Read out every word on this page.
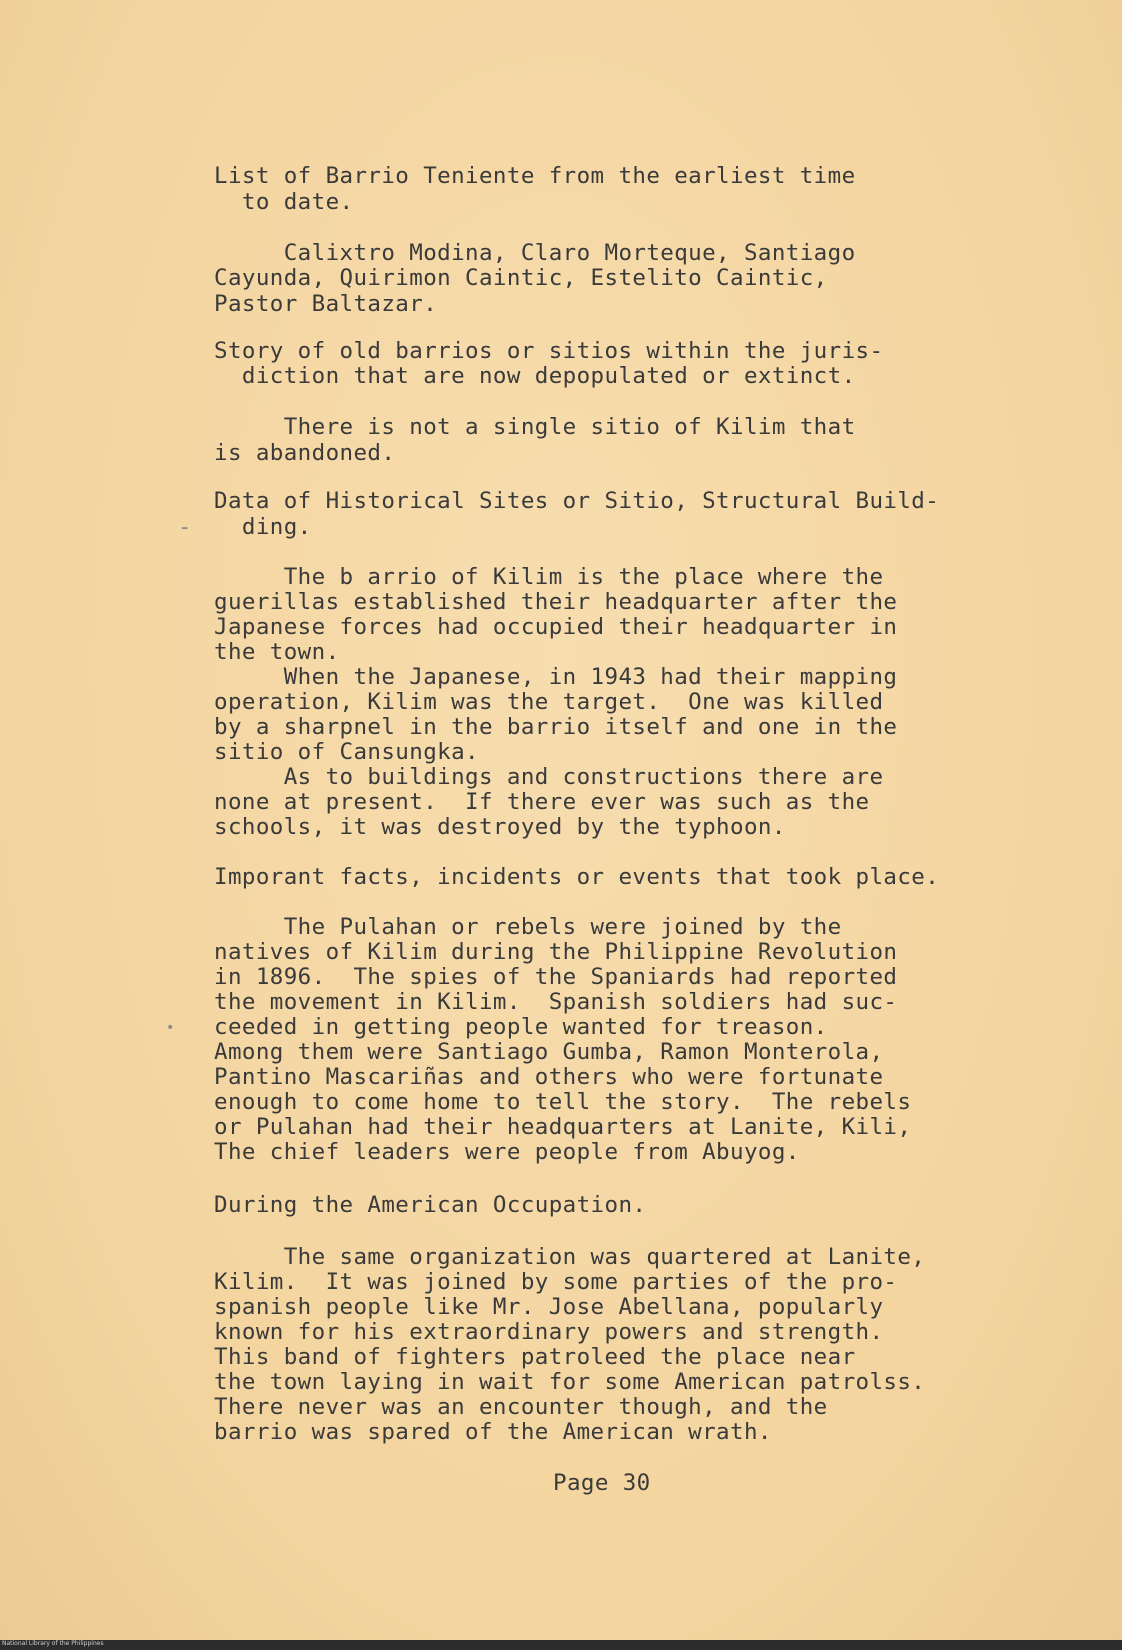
List of Barrio Teniente from the earliest time
to date.
Calixtro Modina, Claro Morteque, Santiago
Cayunda, Quirimon Caintic, Estelito Caintic,
Pastor Baltazar.
Story of old barrios or sitios within the juris-
diction that are now depopulated or extinct.
There is not a single sitio of Kilim that
is abandoned.
Data of Historical Sites or Sitio, Structural Build-
ding.
The b arrio of Kilim is the place where the
guerillas established their headquarter after the
Japanese forces had occupied their headquarter in
the town.
When the Japanese, in 1943 had their mapping
operation, Kilim was the target.  One was killed
by a sharpnel in the barrio itself and one in the
sitio of Cansungka.
As to buildings and constructions there are
none at present.  If there ever was such as the
schools, it was destroyed by the typhoon.
Imporant facts, incidents or events that took place.
The Pulahan or rebels were joined by the
natives of Kilim during the Philippine Revolution
in 1896.  The spies of the Spaniards had reported
the movement in Kilim.  Spanish soldiers had suc-
ceeded in getting people wanted for treason.
Among them were Santiago Gumba, Ramon Monterola,
Pantino Mascariñas and others who were fortunate
enough to come home to tell the story.  The rebels
or Pulahan had their headquarters at Lanite, Kili,
The chief leaders were people from Abuyog.
During the American Occupation.
The same organization was quartered at Lanite,
Kilim.  It was joined by some parties of the pro-
spanish people like Mr. Jose Abellana, popularly
known for his extraordinary powers and strength.
This band of fighters patroleed the place near
the town laying in wait for some American patrolss.
There never was an encounter though, and the
barrio was spared of the American wrath.
Page 30
-
•
National Library of the Philippines
